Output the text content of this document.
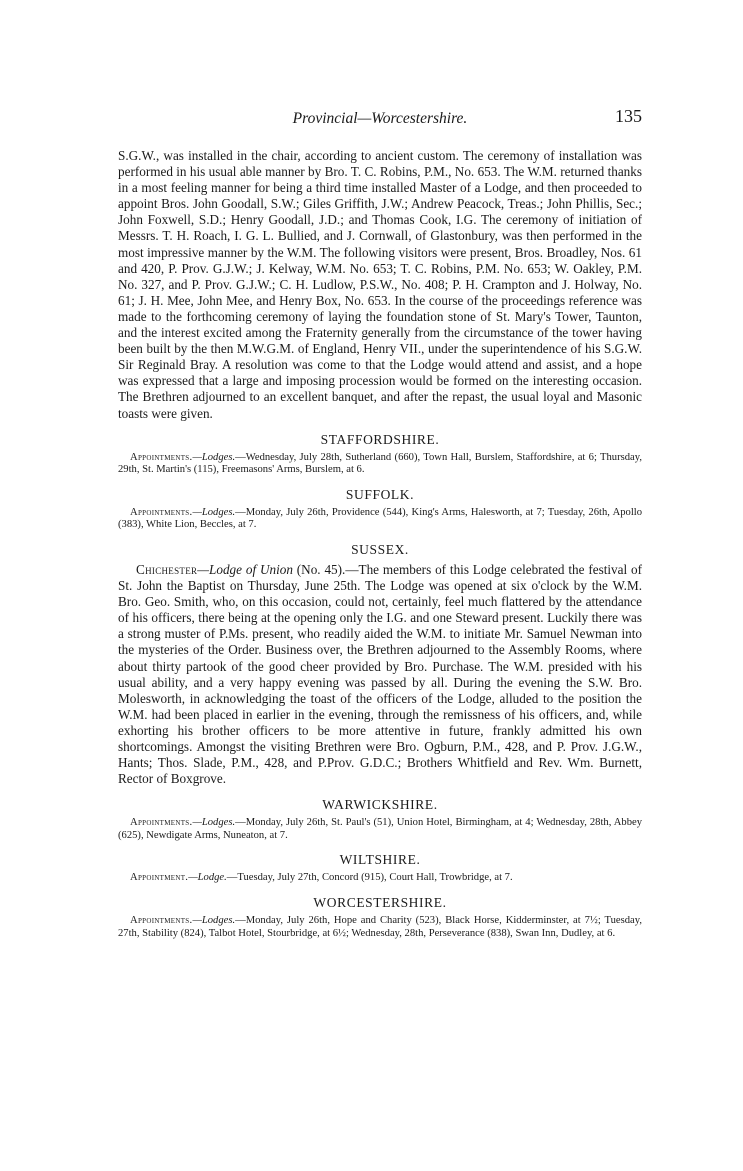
Provincial—Worcestershire.	135

S.G.W., was installed in the chair, according to ancient custom. The ceremony of installation was performed in his usual able manner by Bro. T. C. Robins, P.M., No. 653. The W.M. returned thanks in a most feeling manner for being a third time installed Master of a Lodge, and then proceeded to appoint Bros. John Goodall, S.W.; Giles Griffith, J.W.; Andrew Peacock, Treas.; John Phillis, Sec.; John Foxwell, S.D.; Henry Goodall, J.D.; and Thomas Cook, I.G. The ceremony of initiation of Messrs. T. H. Roach, I. G. L. Bullied, and J. Cornwall, of Glastonbury, was then performed in the most impressive manner by the W.M. The following visitors were present, Bros. Broadley, Nos. 61 and 420, P. Prov. G.J.W.; J. Kelway, W.M. No. 653; T. C. Robins, P.M. No. 653; W. Oakley, P.M. No. 327, and P. Prov. G.J.W.; C. H. Ludlow, P.S.W., No. 408; P. H. Crampton and J. Holway, No. 61; J. H. Mee, John Mee, and Henry Box, No. 653. In the course of the proceedings reference was made to the forthcoming ceremony of laying the foundation stone of St. Mary's Tower, Taunton, and the interest excited among the Fraternity generally from the circumstance of the tower having been built by the then M.W.G.M. of England, Henry VII., under the superintendence of his S.G.W. Sir Reginald Bray. A resolution was come to that the Lodge would attend and assist, and a hope was expressed that a large and imposing procession would be formed on the interesting occasion. The Brethren adjourned to an excellent banquet, and after the repast, the usual loyal and Masonic toasts were given.

STAFFORDSHIRE.

Appointments.—Lodges.—Wednesday, July 28th, Sutherland (660), Town Hall, Burslem, Staffordshire, at 6; Thursday, 29th, St. Martin's (115), Freemasons' Arms, Burslem, at 6.

SUFFOLK.

Appointments.—Lodges.—Monday, July 26th, Providence (544), King's Arms, Halesworth, at 7; Tuesday, 26th, Apollo (383), White Lion, Beccles, at 7.

SUSSEX.

Chichester—Lodge of Union (No. 45).—The members of this Lodge celebrated the festival of St. John the Baptist on Thursday, June 25th. The Lodge was opened at six o'clock by the W.M. Bro. Geo. Smith, who, on this occasion, could not, certainly, feel much flattered by the attendance of his officers, there being at the opening only the I.G. and one Steward present. Luckily there was a strong muster of P.Ms. present, who readily aided the W.M. to initiate Mr. Samuel Newman into the mysteries of the Order. Business over, the Brethren adjourned to the Assembly Rooms, where about thirty partook of the good cheer provided by Bro. Purchase. The W.M. presided with his usual ability, and a very happy evening was passed by all. During the evening the S.W. Bro. Molesworth, in acknowledging the toast of the officers of the Lodge, alluded to the position the W.M. had been placed in earlier in the evening, through the remissness of his officers, and, while exhorting his brother officers to be more attentive in future, frankly admitted his own shortcomings. Amongst the visiting Brethren were Bro. Ogburn, P.M., 428, and P. Prov. J.G.W., Hants; Thos. Slade, P.M., 428, and P.Prov. G.D.C.; Brothers Whitfield and Rev. Wm. Burnett, Rector of Boxgrove.

WARWICKSHIRE.

Appointments.—Lodges.—Monday, July 26th, St. Paul's (51), Union Hotel, Birmingham, at 4; Wednesday, 28th, Abbey (625), Newdigate Arms, Nuneaton, at 7.

WILTSHIRE.

Appointment.—Lodge.—Tuesday, July 27th, Concord (915), Court Hall, Trowbridge, at 7.

WORCESTERSHIRE.

Appointments.—Lodges.—Monday, July 26th, Hope and Charity (523), Black Horse, Kidderminster, at 7½; Tuesday, 27th, Stability (824), Talbot Hotel, Stourbridge, at 6½; Wednesday, 28th, Perseverance (838), Swan Inn, Dudley, at 6.
